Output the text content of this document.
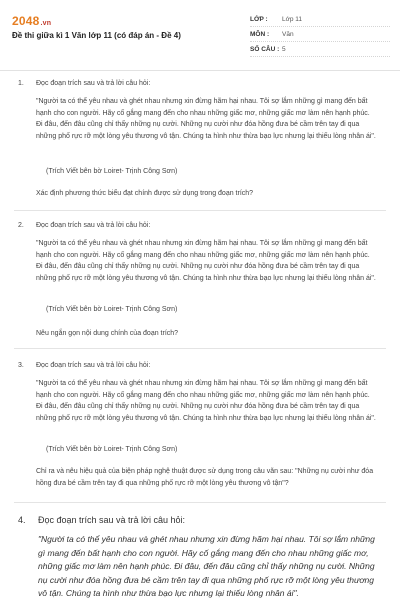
2048.vn
Đề thi giữa kì 1 Văn lớp 11 (có đáp án - Đề 4)
LỚP :	Lớp 11
MÔN :	Văn
SỐ CÂU : 5
1. Đọc đoạn trích sau và trả lời câu hỏi:
"Người ta có thể yêu nhau và ghét nhau nhưng xin đừng hãm hại nhau. Tôi sợ lắm những gì mang đến bất hạnh cho con người. Hãy cố gắng mang đến cho nhau những giấc mơ, những giấc mơ làm nên hạnh phúc. Đi đâu, đến đâu cũng chỉ thấy những nụ cười. Những nụ cười như đóa hồng đưa bé cầm trên tay đi qua những phố rực rỡ một lòng yêu thương vô tận. Chúng ta hình như thừa bạo lực nhưng lại thiếu lòng nhân ái".
(Trích Viết bên bờ Loiret- Trịnh Công Sơn)
Xác định phương thức biểu đạt chính được sử dụng trong đoạn trích?
2. Đọc đoạn trích sau và trả lời câu hỏi:
"Người ta có thể yêu nhau và ghét nhau nhưng xin đừng hãm hại nhau. Tôi sợ lắm những gì mang đến bất hạnh cho con người. Hãy cố gắng mang đến cho nhau những giấc mơ, những giấc mơ làm nên hạnh phúc. Đi đâu, đến đâu cũng chỉ thấy những nụ cười. Những nụ cười như đóa hồng đưa bé cầm trên tay đi qua những phố rực rỡ một lòng yêu thương vô tận. Chúng ta hình như thừa bạo lực nhưng lại thiếu lòng nhân ái".
(Trích Viết bên bờ Loiret- Trịnh Công Sơn)
Nêu ngắn gọn nội dung chính của đoạn trích?
3. Đọc đoạn trích sau và trả lời câu hỏi:
"Người ta có thể yêu nhau và ghét nhau nhưng xin đừng hãm hại nhau. Tôi sợ lắm những gì mang đến bất hạnh cho con người. Hãy cố gắng mang đến cho nhau những giấc mơ, những giấc mơ làm nên hạnh phúc. Đi đâu, đến đâu cũng chỉ thấy những nụ cười. Những nụ cười như đóa hồng đưa bé cầm trên tay đi qua những phố rực rỡ một lòng yêu thương vô tận. Chúng ta hình như thừa bạo lực nhưng lại thiếu lòng nhân ái".
(Trích Viết bên bờ Loiret- Trịnh Công Sơn)
Chỉ ra và nêu hiệu quả của biện pháp nghệ thuật được sử dụng trong câu văn sau: "Những nụ cười như đóa hồng đưa bé cầm trên tay đi qua những phố rực rỡ một lòng yêu thương vô tận"?
4. Đọc đoạn trích sau và trả lời câu hỏi:
"Người ta có thể yêu nhau và ghét nhau nhưng xin đừng hãm hại nhau. Tôi sợ lắm những gì mang đến bất hạnh cho con người. Hãy cố gắng mang đến cho nhau những giấc mơ, những giấc mơ làm nên hạnh phúc. Đi đâu, đến đâu cũng chỉ thấy những nụ cười. Những nụ cười như đóa hồng đưa bé cầm trên tay đi qua những phố rực rỡ một lòng yêu thương vô tận. Chúng ta hình như thừa bạo lực nhưng lại thiếu lòng nhân ái".
